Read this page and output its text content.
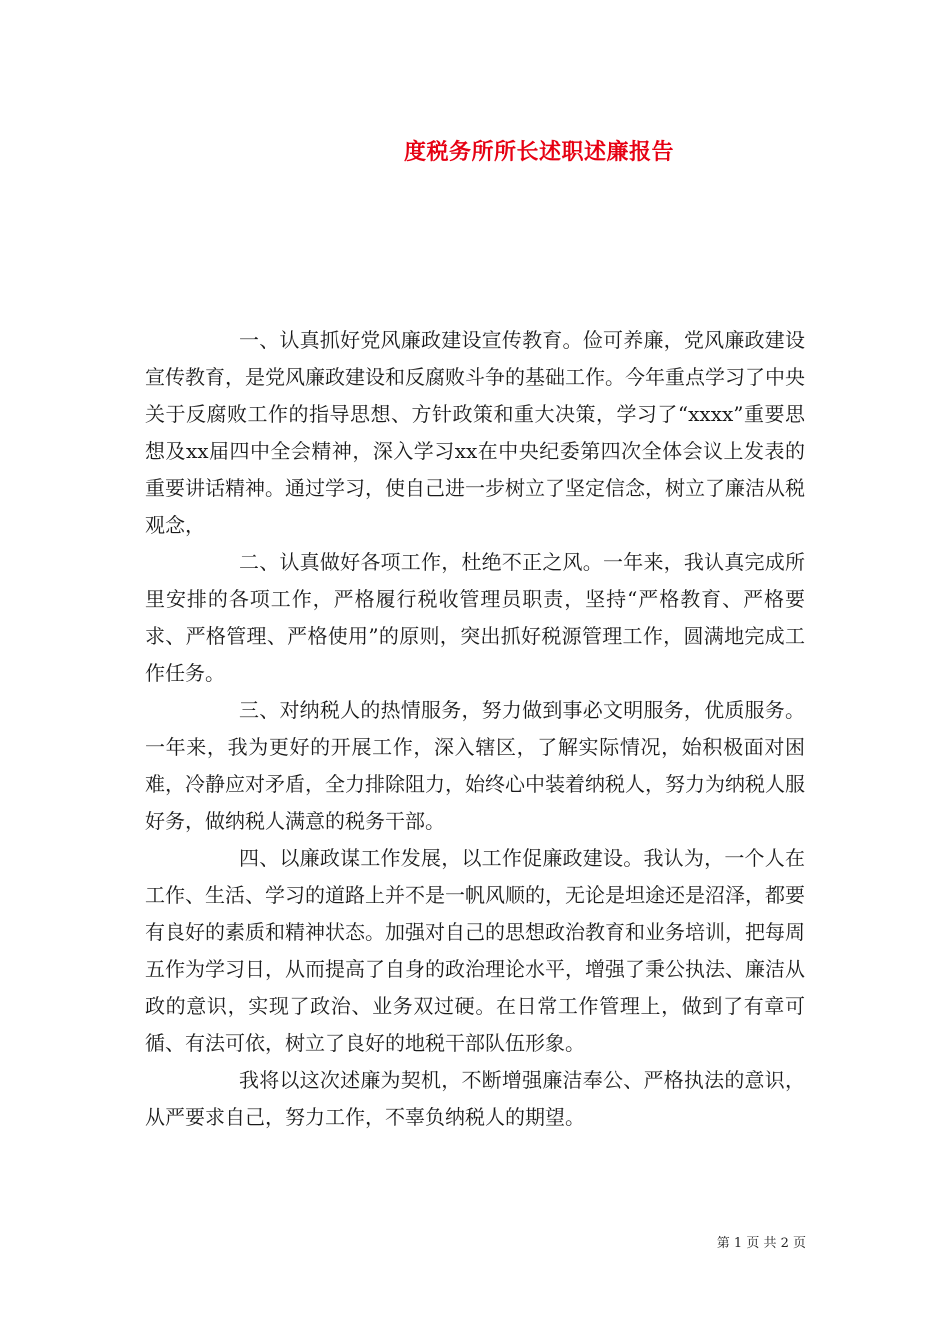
度税务所所长述职述廉报告

一、认真抓好党风廉政建设宣传教育。俭可养廉，党风廉政建设宣传教育，是党风廉政建设和反腐败斗争的基础工作。今年重点学习了中央关于反腐败工作的指导思想、方针政策和重大决策，学习了“xxxx”重要思想及xx届四中全会精神，深入学习xx在中央纪委第四次全体会议上发表的重要讲话精神。通过学习，使自己进一步树立了坚定信念，树立了廉洁从税观念，

二、认真做好各项工作，杜绝不正之风。一年来，我认真完成所里安排的各项工作，严格履行税收管理员职责，坚持“严格教育、严格要求、严格管理、严格使用”的原则，突出抓好税源管理工作，圆满地完成工作任务。

三、对纳税人的热情服务，努力做到事必文明服务，优质服务。一年来，我为更好的开展工作，深入辖区，了解实际情况，始积极面对困难，冷静应对矛盾，全力排除阻力，始终心中装着纳税人，努力为纳税人服好务，做纳税人满意的税务干部。

四、以廉政谋工作发展，以工作促廉政建设。我认为，一个人在工作、生活、学习的道路上并不是一帆风顺的，无论是坦途还是沼泽，都要有良好的素质和精神状态。加强对自己的思想政治教育和业务培训，把每周五作为学习日，从而提高了自身的政治理论水平，增强了秉公执法、廉洁从政的意识，实现了政治、业务双过硬。在日常工作管理上，做到了有章可循、有法可依，树立了良好的地税干部队伍形象。

我将以这次述廉为契机，不断增强廉洁奉公、严格执法的意识，从严要求自己，努力工作，不辜负纳税人的期望。

第 1 页 共 2 页
